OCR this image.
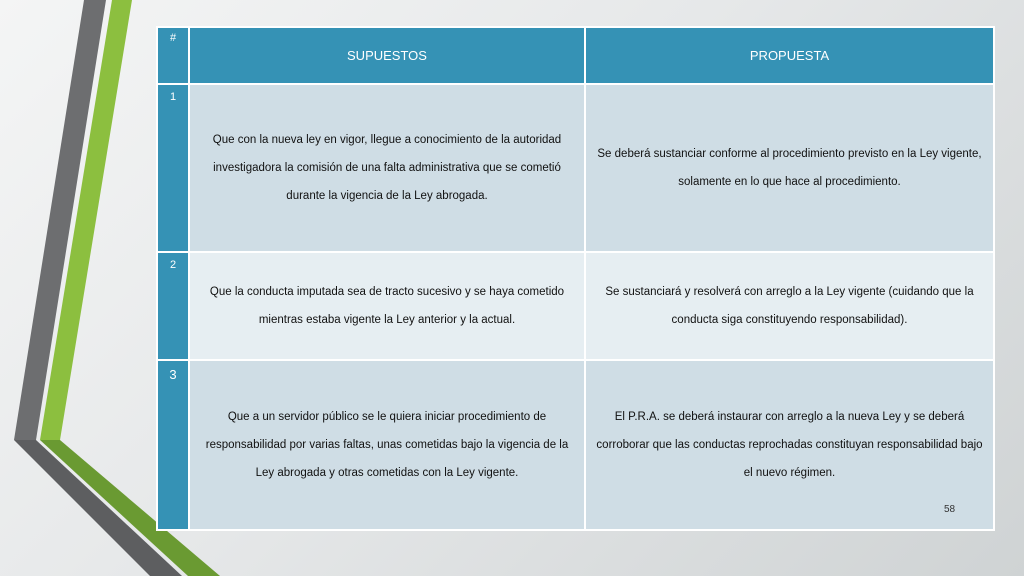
#	SUPUESTOS	PROPUESTA
1	Que con la nueva ley en vigor, llegue a conocimiento de la autoridad investigadora la comisión de una falta administrativa que se cometió durante la vigencia de la Ley abrogada.	Se deberá sustanciar conforme al procedimiento previsto en la Ley vigente, solamente en lo que hace al procedimiento.
2	Que la conducta imputada sea de tracto sucesivo y se haya cometido mientras estaba vigente la Ley anterior y la actual.	Se sustanciará y resolverá con arreglo a la Ley vigente (cuidando que la conducta siga constituyendo responsabilidad).
3	Que a un servidor público se le quiera iniciar procedimiento de responsabilidad por varias faltas, unas cometidas bajo la vigencia de la Ley abrogada y otras cometidas con la Ley vigente.	El P.R.A. se deberá instaurar con arreglo a la nueva Ley y se deberá corroborar que las conductas reprochadas constituyan responsabilidad bajo el nuevo régimen.
58
